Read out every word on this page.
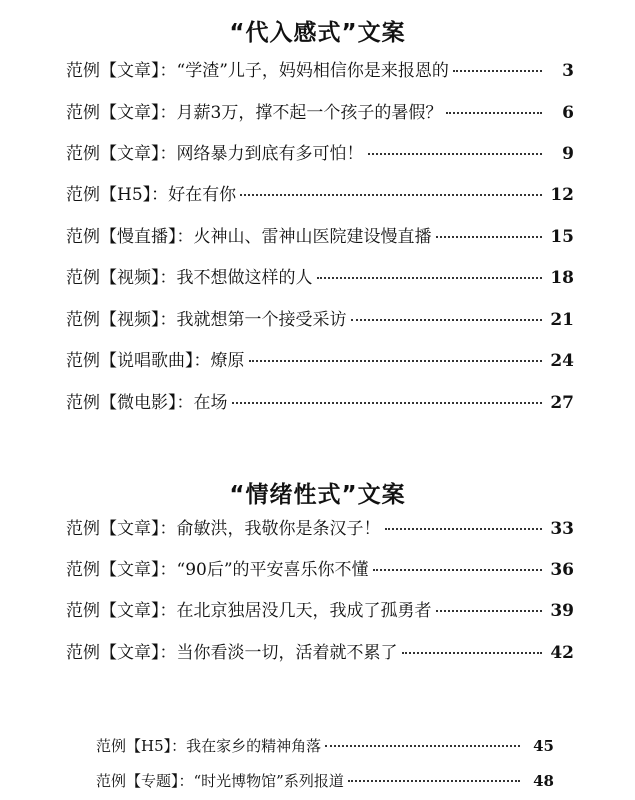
“代入感式”文案
范例【文章】：“学渣”儿子，妈妈相信你是来报恩的	3
范例【文章】：月薪3万，撑不起一个孩子的暑假？	6
范例【文章】：网络暴力到底有多可怕！	9
范例【H5】：好在有你	12
范例【慢直播】：火神山、雷神山医院建设慢直播	15
范例【视频】：我不想做这样的人	18
范例【视频】：我就想第一个接受采访	21
范例【说唱歌曲】：燎原	24
范例【微电影】：在场	27
“情绪性式”文案
范例【文章】：俞敏洪，我敬你是条汉子！	33
范例【文章】：“90后”的平安喜乐你不懂	36
范例【文章】：在北京独居没几天，我成了孤勇者	39
范例【文章】：当你看淡一切，活着就不累了	42
范例【H5】：我在家乡的精神角落	45
范例【专题】：“时光博物馆”系列报道	48
